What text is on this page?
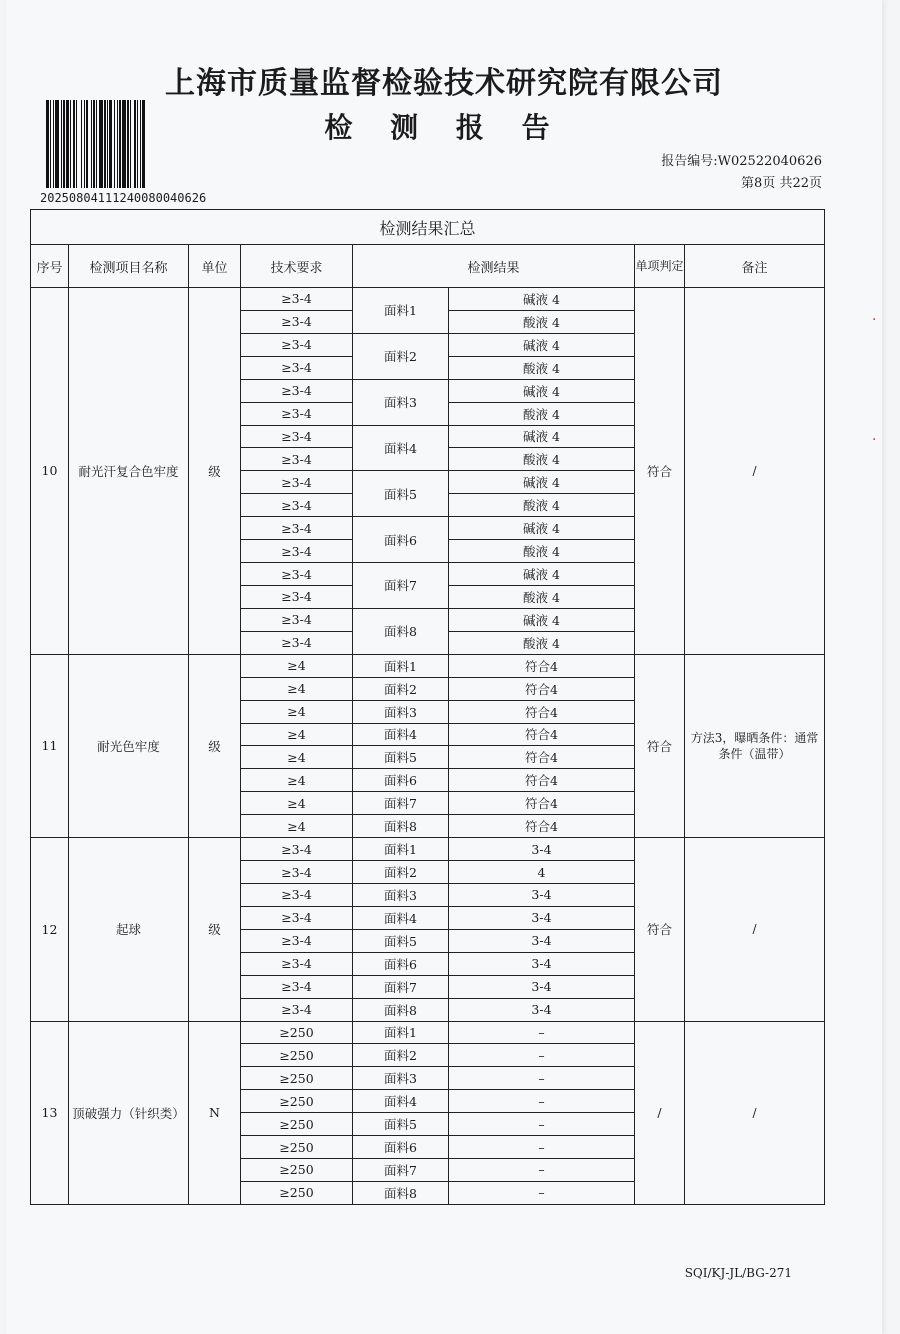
上海市质量监督检验技术研究院有限公司
检 测 报 告
20250804111240080040626
报告编号:W02522040626
第8页 共22页
检测结果汇总							
序号	检测项目名称	单位	技术要求	检测结果		单项判定	备注
10	耐光汗复合色牢度	级	≥3-4	面料1	碱液 4	符合	/
			≥3-4		酸液 4		
			≥3-4	面料2	碱液 4		
			≥3-4		酸液 4		
			≥3-4	面料3	碱液 4		
			≥3-4		酸液 4		
			≥3-4	面料4	碱液 4		
			≥3-4		酸液 4		
			≥3-4	面料5	碱液 4		
			≥3-4		酸液 4		
			≥3-4	面料6	碱液 4		
			≥3-4		酸液 4		
			≥3-4	面料7	碱液 4		
			≥3-4		酸液 4		
			≥3-4	面料8	碱液 4		
			≥3-4		酸液 4		
11	耐光色牢度	级	≥4	面料1	符合4	符合	方法3，曝晒条件：通常条件（温带）
			≥4	面料2	符合4		
			≥4	面料3	符合4		
			≥4	面料4	符合4		
			≥4	面料5	符合4		
			≥4	面料6	符合4		
			≥4	面料7	符合4		
			≥4	面料8	符合4		
12	起球	级	≥3-4	面料1	3-4	符合	/
			≥3-4	面料2	4		
			≥3-4	面料3	3-4		
			≥3-4	面料4	3-4		
			≥3-4	面料5	3-4		
			≥3-4	面料6	3-4		
			≥3-4	面料7	3-4		
			≥3-4	面料8	3-4		
13	顶破强力（针织类）	N	≥250	面料1	–	/	/
			≥250	面料2	–		
			≥250	面料3	–		
			≥250	面料4	–		
			≥250	面料5	–		
			≥250	面料6	–		
			≥250	面料7	–		
			≥250	面料8	–		
SQI/KJ-JL/BG-271
·
·
